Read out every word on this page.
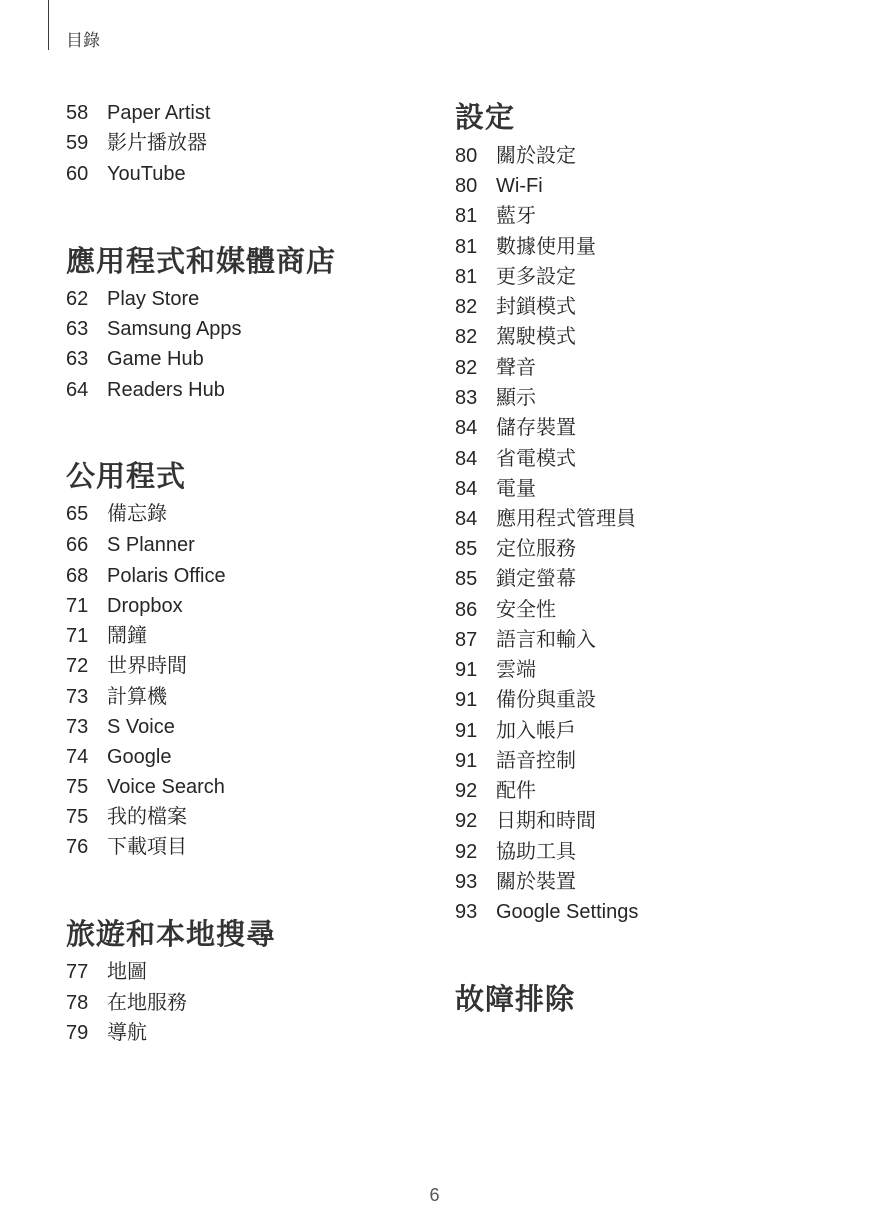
目錄
58 Paper Artist
59 影片播放器
60 YouTube
應用程式和媒體商店
62 Play Store
63 Samsung Apps
63 Game Hub
64 Readers Hub
公用程式
65 備忘錄
66 S Planner
68 Polaris Office
71 Dropbox
71 鬧鐘
72 世界時間
73 計算機
73 S Voice
74 Google
75 Voice Search
75 我的檔案
76 下載項目
旅遊和本地搜尋
77 地圖
78 在地服務
79 導航
設定
80 關於設定
80 Wi-Fi
81 藍牙
81 數據使用量
81 更多設定
82 封鎖模式
82 駕駛模式
82 聲音
83 顯示
84 儲存裝置
84 省電模式
84 電量
84 應用程式管理員
85 定位服務
85 鎖定螢幕
86 安全性
87 語言和輸入
91 雲端
91 備份與重設
91 加入帳戶
91 語音控制
92 配件
92 日期和時間
92 協助工具
93 關於裝置
93 Google Settings
故障排除
6
